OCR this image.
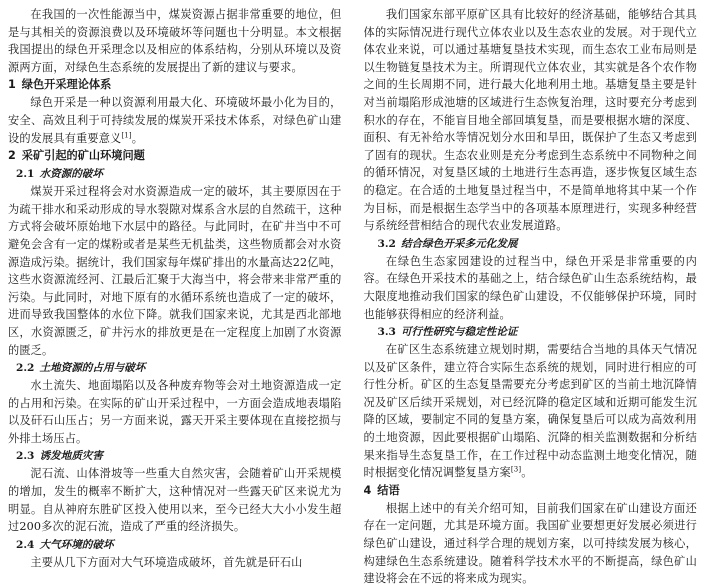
在我国的一次性能源当中，煤炭资源占据非常重要的地位，但是与其相关的资源浪费以及环境破坏等问题也十分明显。本文根据我国提出的绿色开采理念以及相应的体系结构，分别从环境以及资源两方面，对绿色生态系统的发展提出了新的建议与要求。

1 绿色开采理论体系

绿色开采是一种以资源利用最大化、环境破坏最小化为目的，安全、高效且利于可持续发展的煤炭开采技术体系，对绿色矿山建设的发展具有重要意义[1]。

2 采矿引起的矿山环境问题
2.1 水资源的破坏

煤炭开采过程将会对水资源造成一定的破坏，其主要原因在于为疏干排水和采动形成的导水裂隙对煤系含水层的自然疏干，这种方式将会破坏原始地下水层中的路径。与此同时，在矿井当中不可避免会含有一定的煤粉或者是某些无机盐类，这些物质都会对水资源造成污染。据统计，我们国家每年煤矿排出的水量高达22亿吨，这些水资源流经河、江最后汇聚于大海当中，将会带来非常严重的污染。与此同时，对地下原有的水循环系统也造成了一定的破坏，进而导致我国整体的水位下降。就我们国家来说，尤其是西北部地区，水资源匮乏，矿井污水的排放更是在一定程度上加剧了水资源的匮乏。

2.2 土地资源的占用与破坏

水土流失、地面塌陷以及各种废弃物等会对土地资源造成一定的占用和污染。在实际的矿山开采过程中，一方面会造成地表塌陷以及矸石山压占；另一方面来说，露天开采主要体现在直接挖损与外排土场压占。

2.3 诱发地质灾害

泥石流、山体滑坡等一些重大自然灾害，会随着矿山开采规模的增加，发生的概率不断扩大，这种情况对一些露天矿区来说尤为明显。自从神府东胜矿区投入使用以来，至今已经大大小小发生超过200多次的泥石流，造成了严重的经济损失。

2.4 大气环境的破坏

主要从几下方面对大气环境造成破坏，首先就是矸石山

我们国家东部平原矿区具有比较好的经济基础，能够结合其具体的实际情况进行现代立体农业以及生态农业的发展。对于现代立体农业来说，可以通过基塘复垦技术实现，而生态农工业布局则是以生物链复垦技术为主。所谓现代立体农业，其实就是各个农作物之间的生长周期不同，进行最大化地利用土地。基塘复垦主要是针对当前塌陷形成池塘的区域进行生态恢复治理，这时要充分考虑到积水的存在，不能盲目地全部回填复垦，而是要根据水塘的深度、面积、有无补给水等情况划分水田和旱田，既保护了生态又考虑到了固有的现状。生态农业则是充分考虑到生态系统中不同物种之间的循环情况，对复垦区域的土地进行生态再造，逐步恢复区域生态的稳定。在合适的土地复垦过程当中，不是简单地将其中某一个作为目标，而是根据生态学当中的各项基本原理进行，实现多种经营与系统经营相结合的现代农业发展道路。

3.2 结合绿色开采多元化发展

在绿色生态家园建设的过程当中，绿色开采是非常重要的内容。在绿色开采技术的基础之上，结合绿色矿山生态系统结构，最大限度地推动我们国家的绿色矿山建设，不仅能够保护环境，同时也能够获得相应的经济利益。

3.3 可行性研究与稳定性论证

在矿区生态系统建立规划时期，需要结合当地的具体天气情况以及矿区条件，建立符合实际生态系统的规划，同时进行相应的可行性分析。矿区的生态复垦需要充分考虑到矿区的当前土地沉降情况及矿区后续开采规划，对已经沉降的稳定区域和近期可能发生沉降的区域，要制定不同的复垦方案，确保复垦后可以成为高效利用的土地资源，因此要根据矿山塌陷、沉降的相关监测数据和分析结果来指导生态复垦工作，在工作过程中动态监测土地变化情况，随时根据变化情况调整复垦方案[3]。

4 结语

根据上述中的有关介绍可知，目前我们国家在矿山建设方面还存在一定问题，尤其是环境方面。我国矿业要想更好发展必须进行绿色矿山建设，通过科学合理的规划方案，以可持续发展为核心，构建绿色生态系统建设。随着科学技术水平的不断提高，绿色矿山建设将会在不远的将来成为现实。
